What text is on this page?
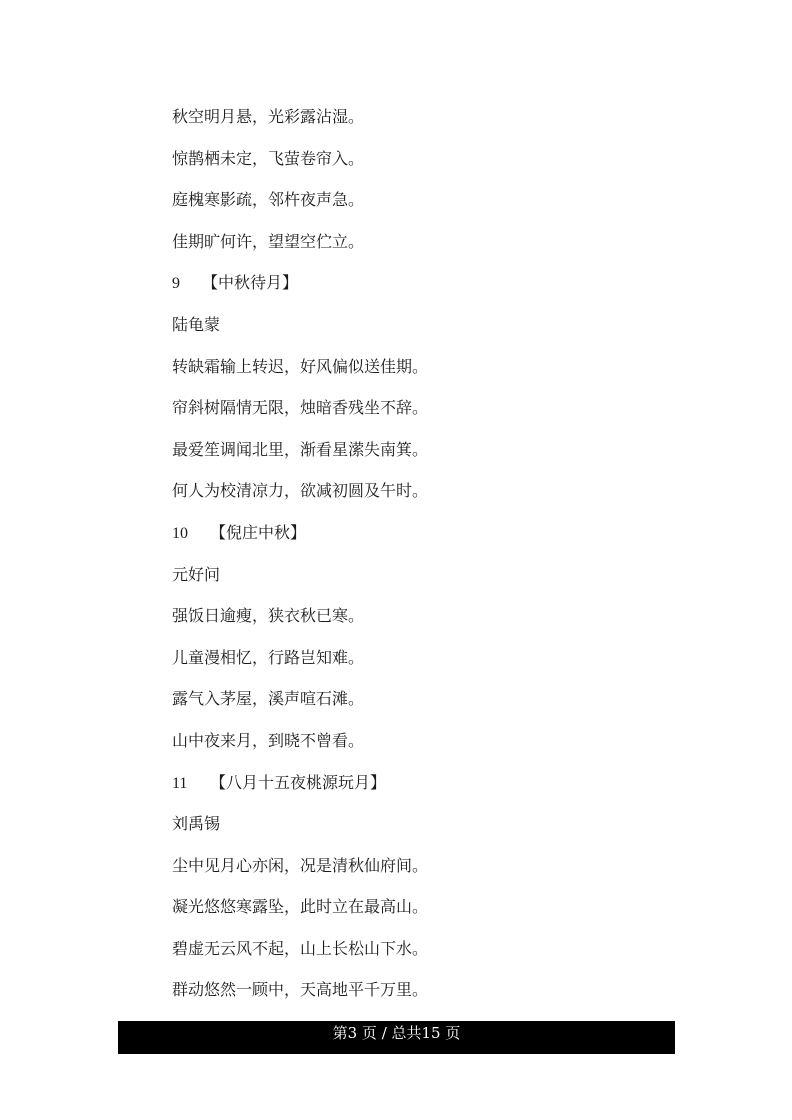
秋空明月悬，光彩露沾湿。
惊鹊栖未定，飞萤卷帘入。
庭槐寒影疏，邻杵夜声急。
佳期旷何许，望望空伫立。
9 【中秋待月】
陆龟蒙
转缺霜输上转迟，好风偏似送佳期。
帘斜树隔情无限，烛暗香残坐不辞。
最爱笙调闻北里，渐看星潆失南箕。
何人为校清凉力，欲减初圆及午时。
10 【倪庄中秋】
元好问
强饭日逾瘦，狭衣秋已寒。
儿童漫相忆，行路岂知难。
露气入茅屋，溪声喧石滩。
山中夜来月，到晓不曾看。
11 【八月十五夜桃源玩月】
刘禹锡
尘中见月心亦闲，况是清秋仙府间。
凝光悠悠寒露坠，此时立在最高山。
碧虚无云风不起，山上长松山下水。
群动悠然一顾中，天高地平千万里。
第3 页 / 总共15 页
